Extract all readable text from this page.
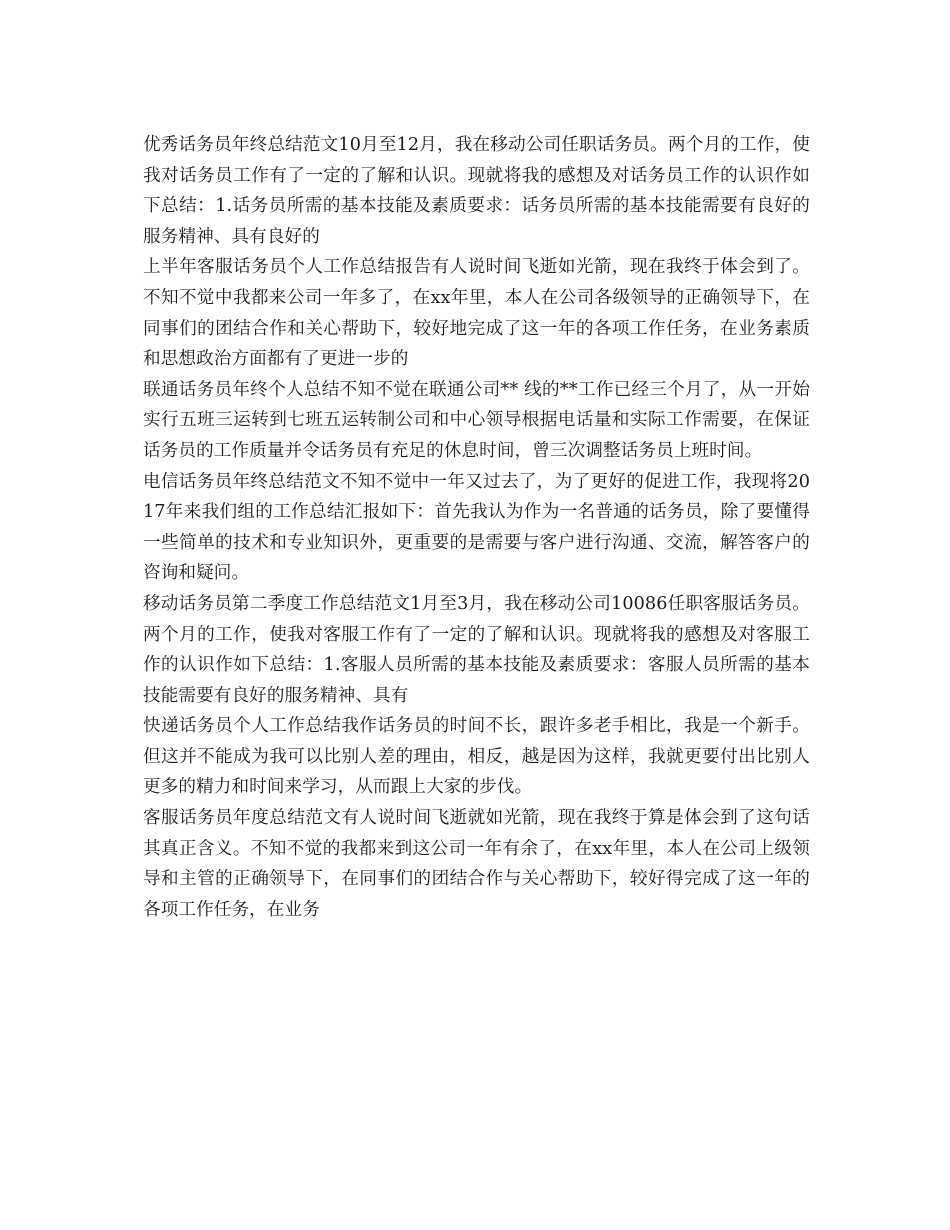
优秀话务员年终总结范文10月至12月，我在移动公司任职话务员。两个月的工作，使我对话务员工作有了一定的了解和认识。现就将我的感想及对话务员工作的认识作如下总结：1.话务员所需的基本技能及素质要求：话务员所需的基本技能需要有良好的服务精神、具有良好的

上半年客服话务员个人工作总结报告有人说时间飞逝如光箭，现在我终于体会到了。不知不觉中我都来公司一年多了，在xx年里，本人在公司各级领导的正确领导下，在同事们的团结合作和关心帮助下，较好地完成了这一年的各项工作任务，在业务素质和思想政治方面都有了更进一步的

联通话务员年终个人总结不知不觉在联通公司** 线的**工作已经三个月了，从一开始实行五班三运转到七班五运转制公司和中心领导根据电话量和实际工作需要，在保证话务员的工作质量并令话务员有充足的休息时间，曾三次调整话务员上班时间。

电信话务员年终总结范文不知不觉中一年又过去了，为了更好的促进工作，我现将2017年来我们组的工作总结汇报如下：首先我认为作为一名普通的话务员，除了要懂得一些简单的技术和专业知识外，更重要的是需要与客户进行沟通、交流，解答客户的咨询和疑问。

移动话务员第二季度工作总结范文1月至3月，我在移动公司10086任职客服话务员。两个月的工作，使我对客服工作有了一定的了解和认识。现就将我的感想及对客服工作的认识作如下总结：1.客服人员所需的基本技能及素质要求：客服人员所需的基本技能需要有良好的服务精神、具有

快递话务员个人工作总结我作话务员的时间不长，跟许多老手相比，我是一个新手。但这并不能成为我可以比别人差的理由，相反，越是因为这样，我就更要付出比别人更多的精力和时间来学习，从而跟上大家的步伐。

客服话务员年度总结范文有人说时间飞逝就如光箭，现在我终于算是体会到了这句话其真正含义。不知不觉的我都来到这公司一年有余了，在xx年里，本人在公司上级领导和主管的正确领导下，在同事们的团结合作与关心帮助下，较好得完成了这一年的各项工作任务，在业务
